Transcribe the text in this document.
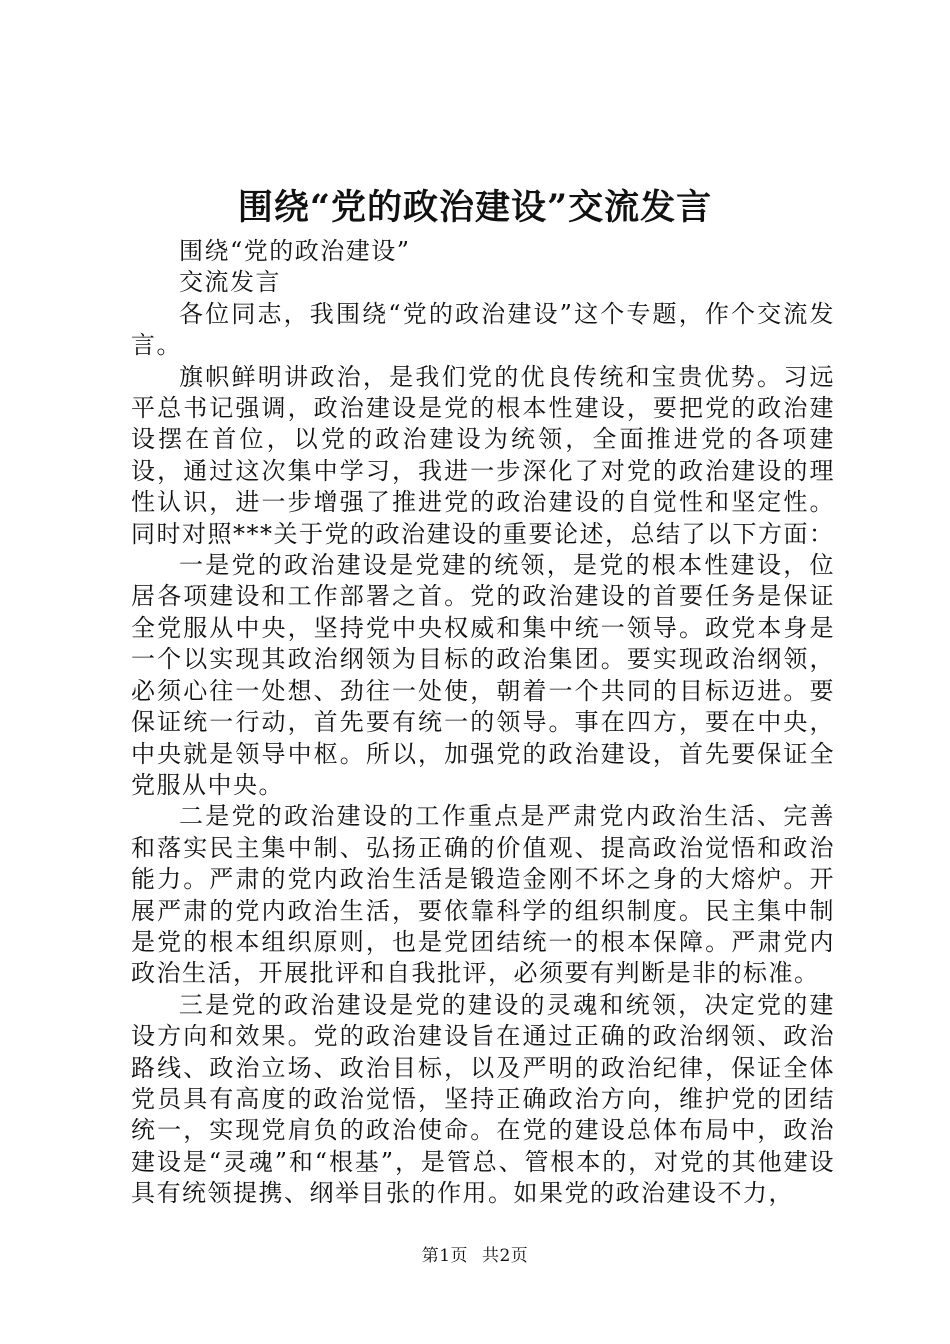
围绕“党的政治建设”交流发言

围绕“党的政治建设”

交流发言

各位同志，我围绕“党的政治建设”这个专题，作个交流发言。

旗帜鲜明讲政治，是我们党的优良传统和宝贵优势。习远平总书记强调，政治建设是党的根本性建设，要把党的政治建设摆在首位，以党的政治建设为统领，全面推进党的各项建设，通过这次集中学习，我进一步深化了对党的政治建设的理性认识，进一步增强了推进党的政治建设的自觉性和坚定性。同时对照***关于党的政治建设的重要论述，总结了以下方面：

一是党的政治建设是党建的统领，是党的根本性建设，位居各项建设和工作部署之首。党的政治建设的首要任务是保证全党服从中央，坚持党中央权威和集中统一领导。政党本身是一个以实现其政治纲领为目标的政治集团。要实现政治纲领，必须心往一处想、劲往一处使，朝着一个共同的目标迈进。要保证统一行动，首先要有统一的领导。事在四方，要在中央，中央就是领导中枢。所以，加强党的政治建设，首先要保证全党服从中央。

二是党的政治建设的工作重点是严肃党内政治生活、完善和落实民主集中制、弘扬正确的价值观、提高政治觉悟和政治能力。严肃的党内政治生活是锻造金刚不坏之身的大熔炉。开展严肃的党内政治生活，要依靠科学的组织制度。民主集中制是党的根本组织原则，也是党团结统一的根本保障。严肃党内政治生活，开展批评和自我批评，必须要有判断是非的标准。

三是党的政治建设是党的建设的灵魂和统领，决定党的建设方向和效果。党的政治建设旨在通过正确的政治纲领、政治路线、政治立场、政治目标，以及严明的政治纪律，保证全体党员具有高度的政治觉悟，坚持正确政治方向，维护党的团结统一，实现党肩负的政治使命。在党的建设总体布局中，政治建设是“灵魂”和“根基”，是管总、管根本的，对党的其他建设具有统领提携、纲举目张的作用。如果党的政治建设不力，

第1页 共2页
